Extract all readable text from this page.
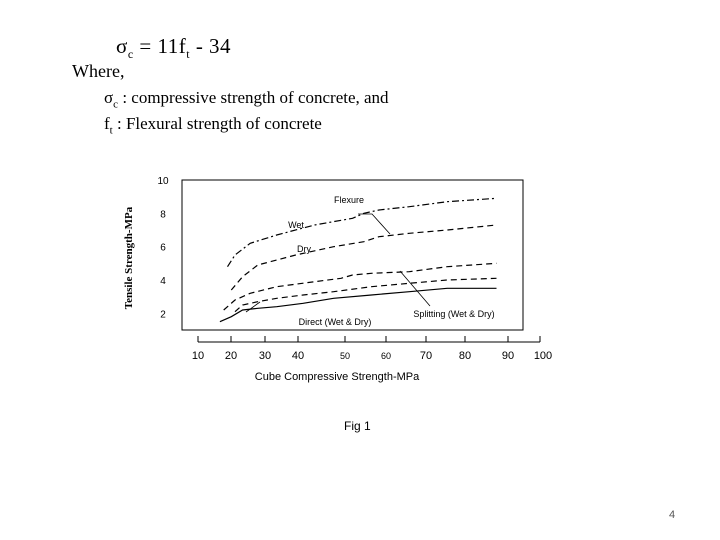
$\sigma_c = 11f_t - 34$
Where,
$\sigma_c$ : compressive strength of concrete, and
$f_t$ : Flexural strength of concrete
10 20 30 40	50	60	70 80	90 100
2
4
6
8
10
Cube Compressive Strength-MPa
Tensile Strength-MPa
Flexure
Wet
Dry
Splitting (Wet & Dry)
Direct (Wet & Dry)
Fig 1
4
